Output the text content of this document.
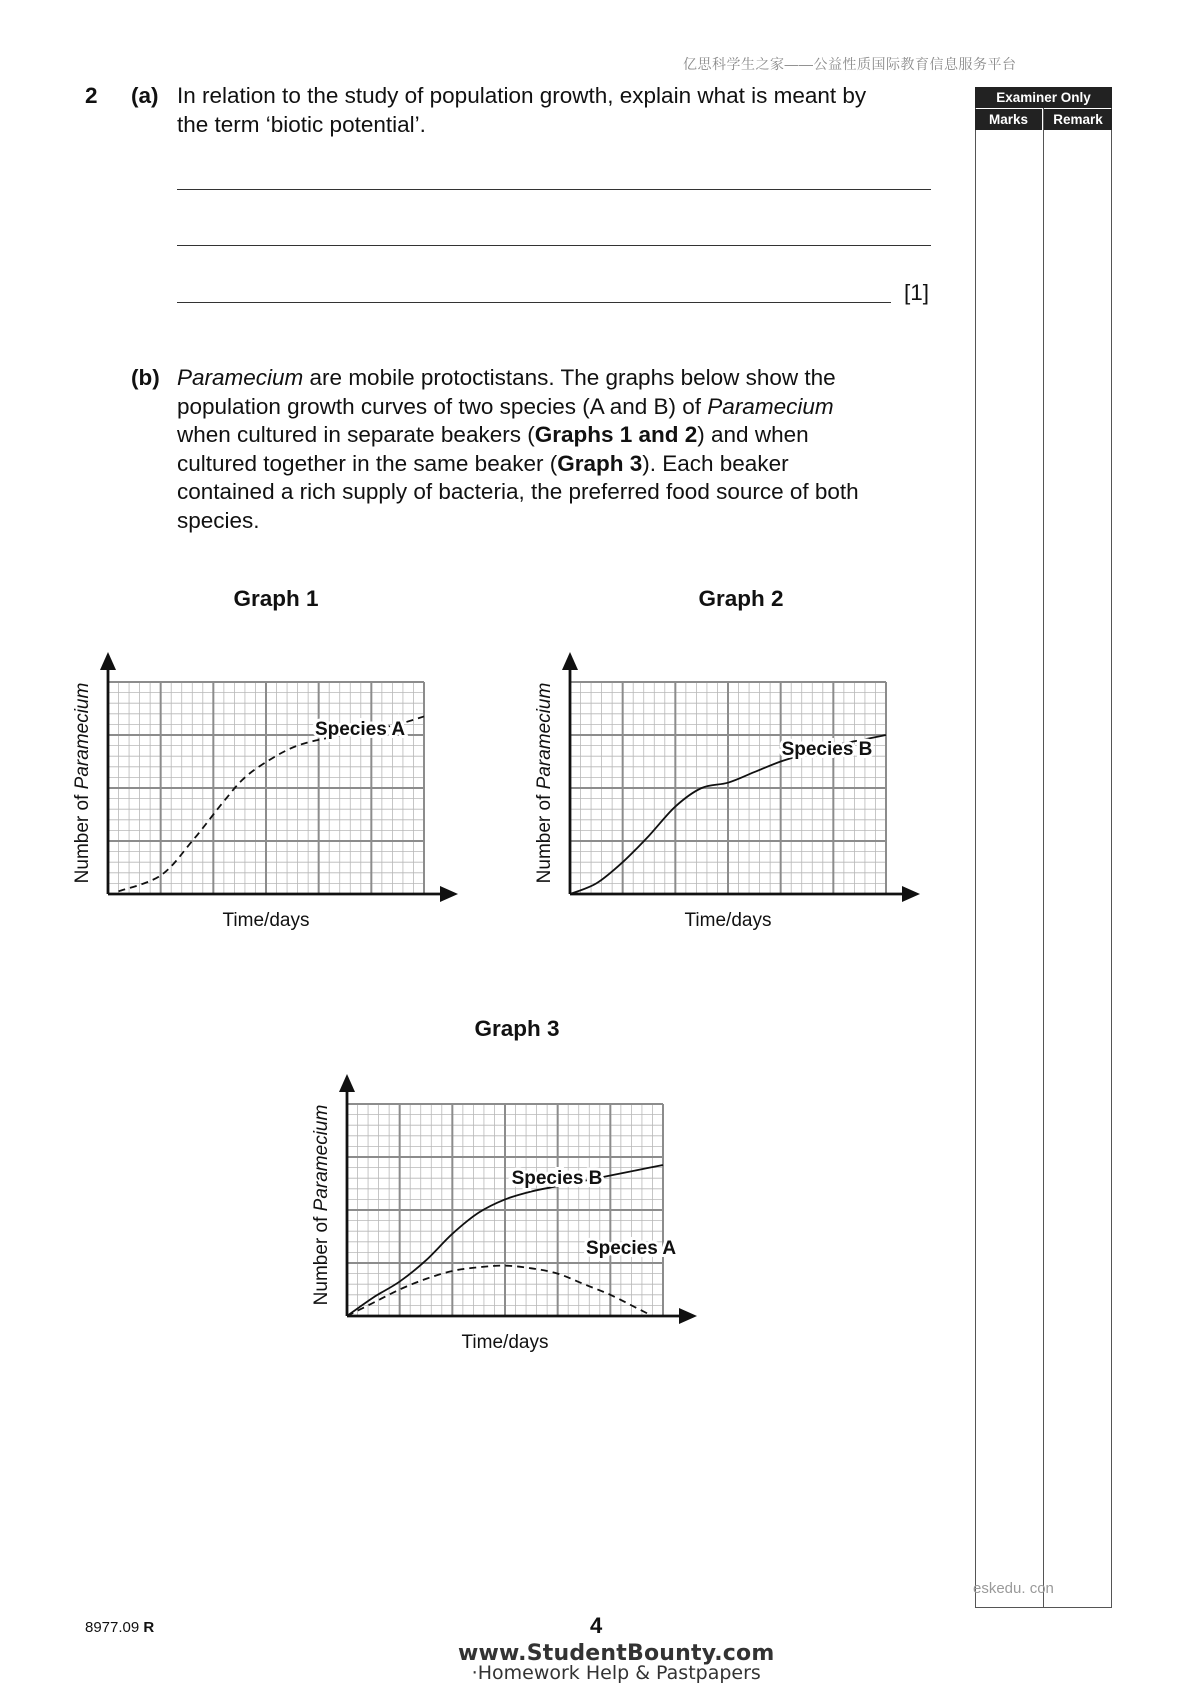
亿思科学生之家——公益性质国际教育信息服务平台
Examiner Only
Marks	Remark
2 (a) In relation to the study of population growth, explain what is meant by
the term ‘biotic potential’.
[1]
(b) Paramecium are mobile protoctistans. The graphs below show the
population growth curves of two species (A and B) of Paramecium
when cultured in separate beakers (Graphs 1 and 2) and when
cultured together in the same beaker (Graph 3). Each beaker
contained a rich supply of bacteria, the preferred food source of both
species.
Graph 1	Graph 2
Graph 3
Species A
Time/days
Number of Paramecium	Species B
Time/days
Number of Paramecium
Species B
Species A
Time/days
Number of Paramecium
8977.09 R	4
www.StudentBounty.com
·Homework Help & Pastpapers
eskedu. con
